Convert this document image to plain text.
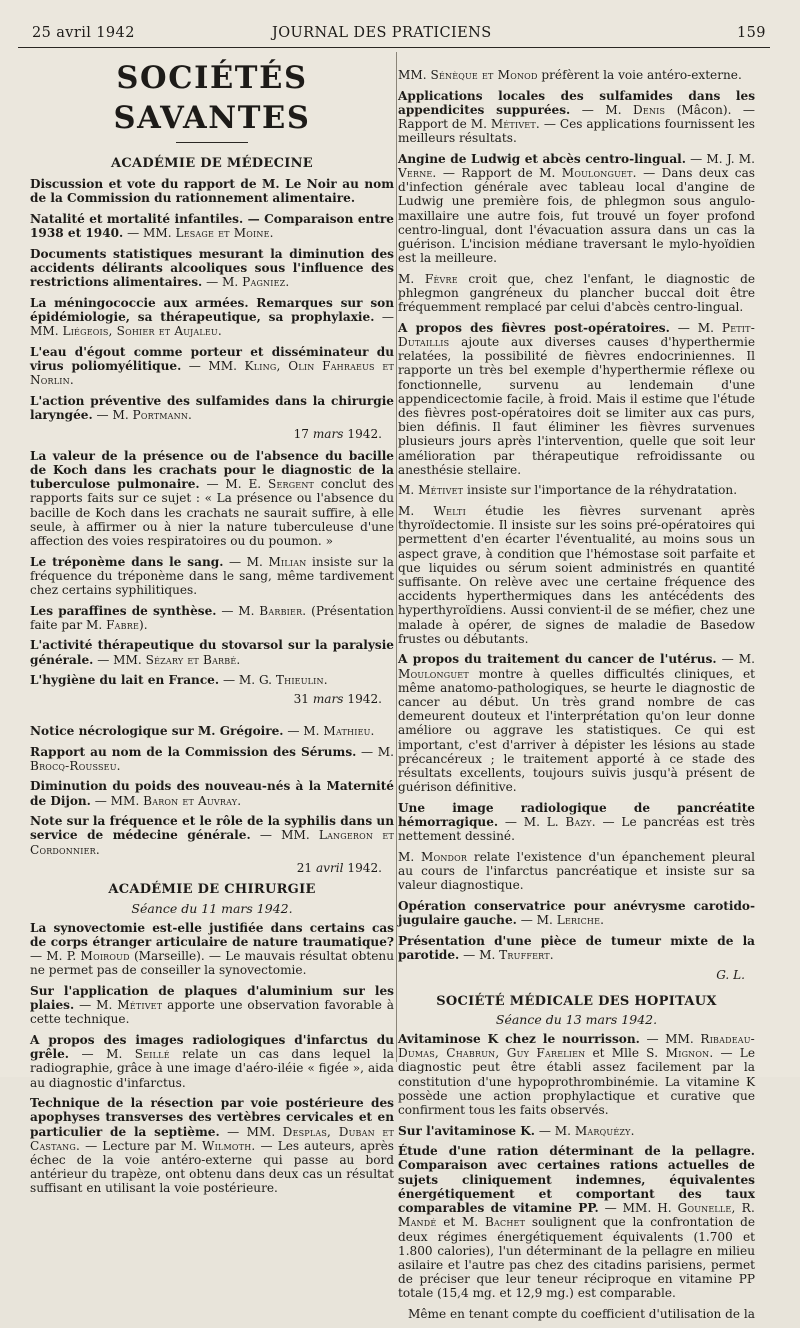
25 avril 1942	JOURNAL DES PRATICIENS	159
SOCIÉTÉS SAVANTES
ACADÉMIE DE MÉDECINE

Discussion et vote du rapport de M. Le Noir au nom de la Commission du rationnement alimentaire.

Natalité et mortalité infantiles. — Comparaison entre 1938 et 1940. — MM. Lesage et Moine.

Documents statistiques mesurant la diminution des accidents délirants alcooliques sous l'influence des restrictions alimentaires. — M. Pagniez.

La méningococcie aux armées. Remarques sur son épidémiologie, sa thérapeutique, sa prophylaxie. — MM. Liégeois, Sohier et Aujaleu.

L'eau d'égout comme porteur et disséminateur du virus poliomyélitique. — MM. Kling, Olin Fahraeus et Norlin.

L'action préventive des sulfamides dans la chirurgie laryngée. — M. Portmann.

17 mars 1942.

La valeur de la présence ou de l'absence du bacille de Koch dans les crachats pour le diagnostic de la tuberculose pulmonaire. — M. E. Sergent conclut des rapports faits sur ce sujet : « La présence ou l'absence du bacille de Koch dans les crachats ne saurait suffire, à elle seule, à affirmer ou à nier la nature tuberculeuse d'une affection des voies respiratoires ou du poumon. »

Le tréponème dans le sang. — M. Milian insiste sur la fréquence du tréponème dans le sang, même tardivement chez certains syphilitiques.

Les paraffines de synthèse. — M. Barbier. (Présentation faite par M. Fabre).

L'activité thérapeutique du stovarsol sur la paralysie générale. — MM. Sézary et Barbé.

L'hygiène du lait en France. — M. G. Thieulin.

31 mars 1942.

Notice nécrologique sur M. Grégoire. — M. Mathieu.

Rapport au nom de la Commission des Sérums. — M. Brocq-Rousseu.

Diminution du poids des nouveau-nés à la Maternité de Dijon. — MM. Baron et Auvray.

Note sur la fréquence et le rôle de la syphilis dans un service de médecine générale. — MM. Langeron et Cordonnier.

21 avril 1942.
ACADÉMIE DE CHIRURGIE
Séance du 11 mars 1942.

La synovectomie est-elle justifiée dans certains cas de corps étranger articulaire de nature traumatique? — M. P. Moiroud (Marseille). — Le mauvais résultat obtenu ne permet pas de conseiller la synovectomie.

Sur l'application de plaques d'aluminium sur les plaies. — M. Métivet apporte une observation favorable à cette technique.

A propos des images radiologiques d'infarctus du grêle. — M. Seillé relate un cas dans lequel la radiographie, grâce à une image d'aéro-iléie « figée », aida au diagnostic d'infarctus.

Technique de la résection par voie postérieure des apophyses transverses des vertèbres cervicales et en particulier de la septième. — MM. Desplas, Duban et Castang. — Lecture par M. Wilmoth. — Les auteurs, après échec de la voie antéro-externe qui passe au bord antérieur du trapèze, ont obtenu dans deux cas un résultat suffisant en utilisant la voie postérieure.

MM. Sénèque et Monod préfèrent la voie antéro-externe.

Applications locales des sulfamides dans les appendicites suppurées. — M. Denis (Mâcon). — Rapport de M. Métivet. — Ces applications fournissent les meilleurs résultats.

Angine de Ludwig et abcès centro-lingual. — M. J. M. Verne. — Rapport de M. Moulonguet. — Dans deux cas d'infection générale avec tableau local d'angine de Ludwig une première fois, de phlegmon sous angulo-maxillaire une autre fois, fut trouvé un foyer profond centro-lingual, dont l'évacuation assura dans un cas la guérison. L'incision médiane traversant le mylo-hyoïdien est la meilleure.

M. Fèvre croit que, chez l'enfant, le diagnostic de phlegmon gangréneux du plancher buccal doit être fréquemment remplacé par celui d'abcès centro-lingual.

A propos des fièvres post-opératoires. — M. Petit-Dutaillis ajoute aux diverses causes d'hyperthermie relatées, la possibilité de fièvres endocriniennes. Il rapporte un très bel exemple d'hyperthermie réflexe ou fonctionnelle, survenu au lendemain d'une appendicectomie facile, à froid. Mais il estime que l'étude des fièvres post-opératoires doit se limiter aux cas purs, bien définis. Il faut éliminer les fièvres survenues plusieurs jours après l'intervention, quelle que soit leur amélioration par thérapeutique refroidissante ou anesthésie stellaire.

M. Métivet insiste sur l'importance de la réhydratation.

M. Welti étudie les fièvres survenant après thyroïdectomie. Il insiste sur les soins pré-opératoires qui permettent d'en écarter l'éventualité, au moins sous un aspect grave, à condition que l'hémostase soit parfaite et que liquides ou sérum soient administrés en quantité suffisante. On relève avec une certaine fréquence des accidents hyperthermiques dans les antécédents des hyperthyroïdiens. Aussi convient-il de se méfier, chez une malade à opérer, de signes de maladie de Basedow frustes ou débutants.

A propos du traitement du cancer de l'utérus. — M. Moulonguet montre à quelles difficultés cliniques, et même anatomo-pathologiques, se heurte le diagnostic de cancer au début. Un très grand nombre de cas demeurent douteux et l'interprétation qu'on leur donne améliore ou aggrave les statistiques. Ce qui est important, c'est d'arriver à dépister les lésions au stade précancéreux ; le traitement apporté à ce stade des résultats excellents, toujours suivis jusqu'à présent de guérison définitive.

Une image radiologique de pancréatite hémorragique. — M. L. Bazy. — Le pancréas est très nettement dessiné.

M. Mondor relate l'existence d'un épanchement pleural au cours de l'infarctus pancréatique et insiste sur sa valeur diagnostique.

Opération conservatrice pour anévrysme carotido-jugulaire gauche. — M. Leriche.

Présentation d'une pièce de tumeur mixte de la parotide. — M. Truffert.

G. L.
SOCIÉTÉ MÉDICALE DES HOPITAUX
Séance du 13 mars 1942.

Avitaminose K chez le nourrisson. — MM. Ribadeau-Dumas, Chabrun, Guy Farelien et Mlle S. Mignon. — Le diagnostic peut être établi assez facilement par la constitution d'une hypoprothrombinémie. La vitamine K possède une action prophylactique et curative que confirment tous les faits observés.

Sur l'avitaminose K. — M. Marquézy.

Étude d'une ration déterminant de la pellagre. Comparaison avec certaines rations actuelles de sujets cliniquement indemnes, équivalentes énergétiquement et comportant des taux comparables de vitamine PP. — MM. H. Gounelle, R. Mandé et M. Bachet soulignent que la confrontation de deux régimes énergétiquement équivalents (1.700 et 1.800 calories), l'un déterminant de la pellagre en milieu asilaire et l'autre pas chez des citadins parisiens, permet de préciser que leur teneur réciproque en vitamine PP totale (15,4 mg. et 12,9 mg.) est comparable.

Même en tenant compte du coefficient d'utilisation de la
